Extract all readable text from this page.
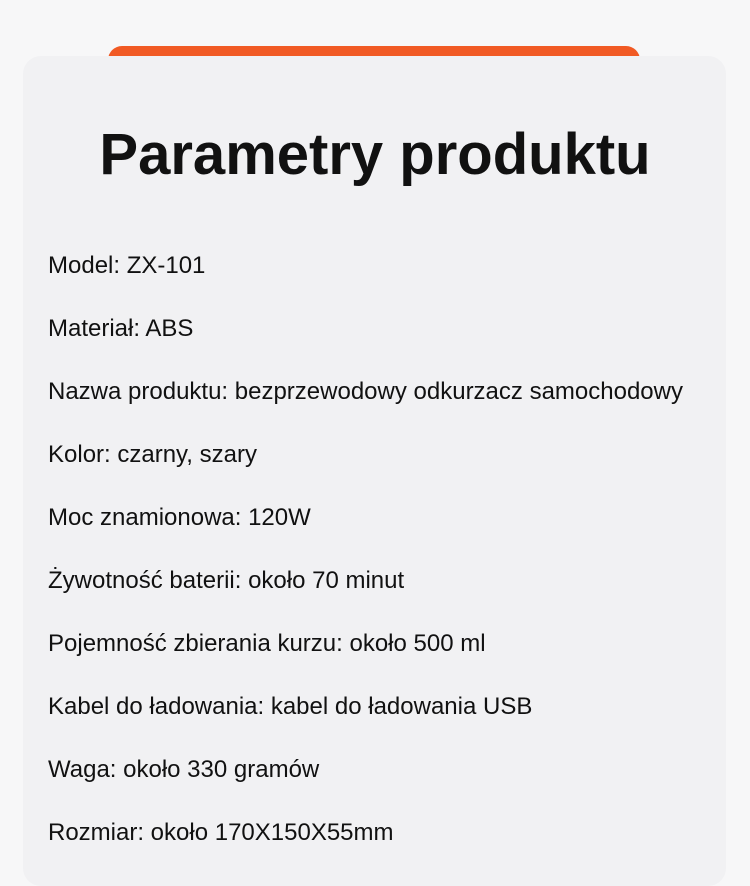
Parametry produktu
Model: ZX-101
Materiał: ABS
Nazwa produktu: bezprzewodowy odkurzacz samochodowy
Kolor: czarny, szary
Moc znamionowa: 120W
Żywotność baterii: około 70 minut
Pojemność zbierania kurzu: około 500 ml
Kabel do ładowania: kabel do ładowania USB
Waga: około 330 gramów
Rozmiar: około 170X150X55mm
